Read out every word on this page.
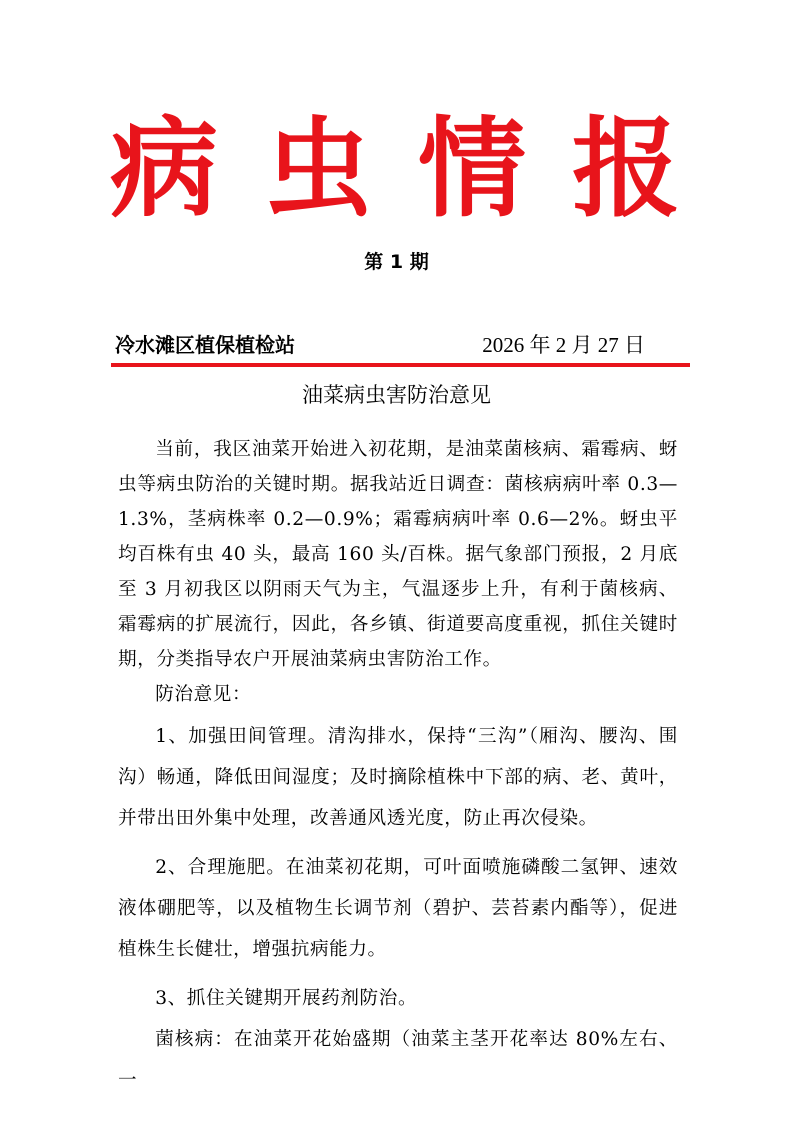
病 虫 情 报
第 1 期
冷水滩区植保植检站	2026 年 2 月 27 日
油菜病虫害防治意见

当前，我区油菜开始进入初花期，是油菜菌核病、霜霉病、蚜虫等病虫防治的关键时期。据我站近日调查：菌核病病叶率 0.3—1.3%，茎病株率 0.2—0.9%；霜霉病病叶率 0.6—2%。蚜虫平均百株有虫 40 头，最高 160 头/百株。据气象部门预报，2 月底至 3 月初我区以阴雨天气为主，气温逐步上升，有利于菌核病、霜霉病的扩展流行，因此，各乡镇、街道要高度重视，抓住关键时期，分类指导农户开展油菜病虫害防治工作。

防治意见：

1、加强田间管理。清沟排水，保持“三沟”（厢沟、腰沟、围沟）畅通，降低田间湿度；及时摘除植株中下部的病、老、黄叶，并带出田外集中处理，改善通风透光度，防止再次侵染。

2、合理施肥。在油菜初花期，可叶面喷施磷酸二氢钾、速效液体硼肥等，以及植物生长调节剂（碧护、芸苔素内酯等），促进植株生长健壮，增强抗病能力。

3、抓住关键期开展药剂防治。

菌核病：在油菜开花始盛期（油菜主茎开花率达 80%左右、一
